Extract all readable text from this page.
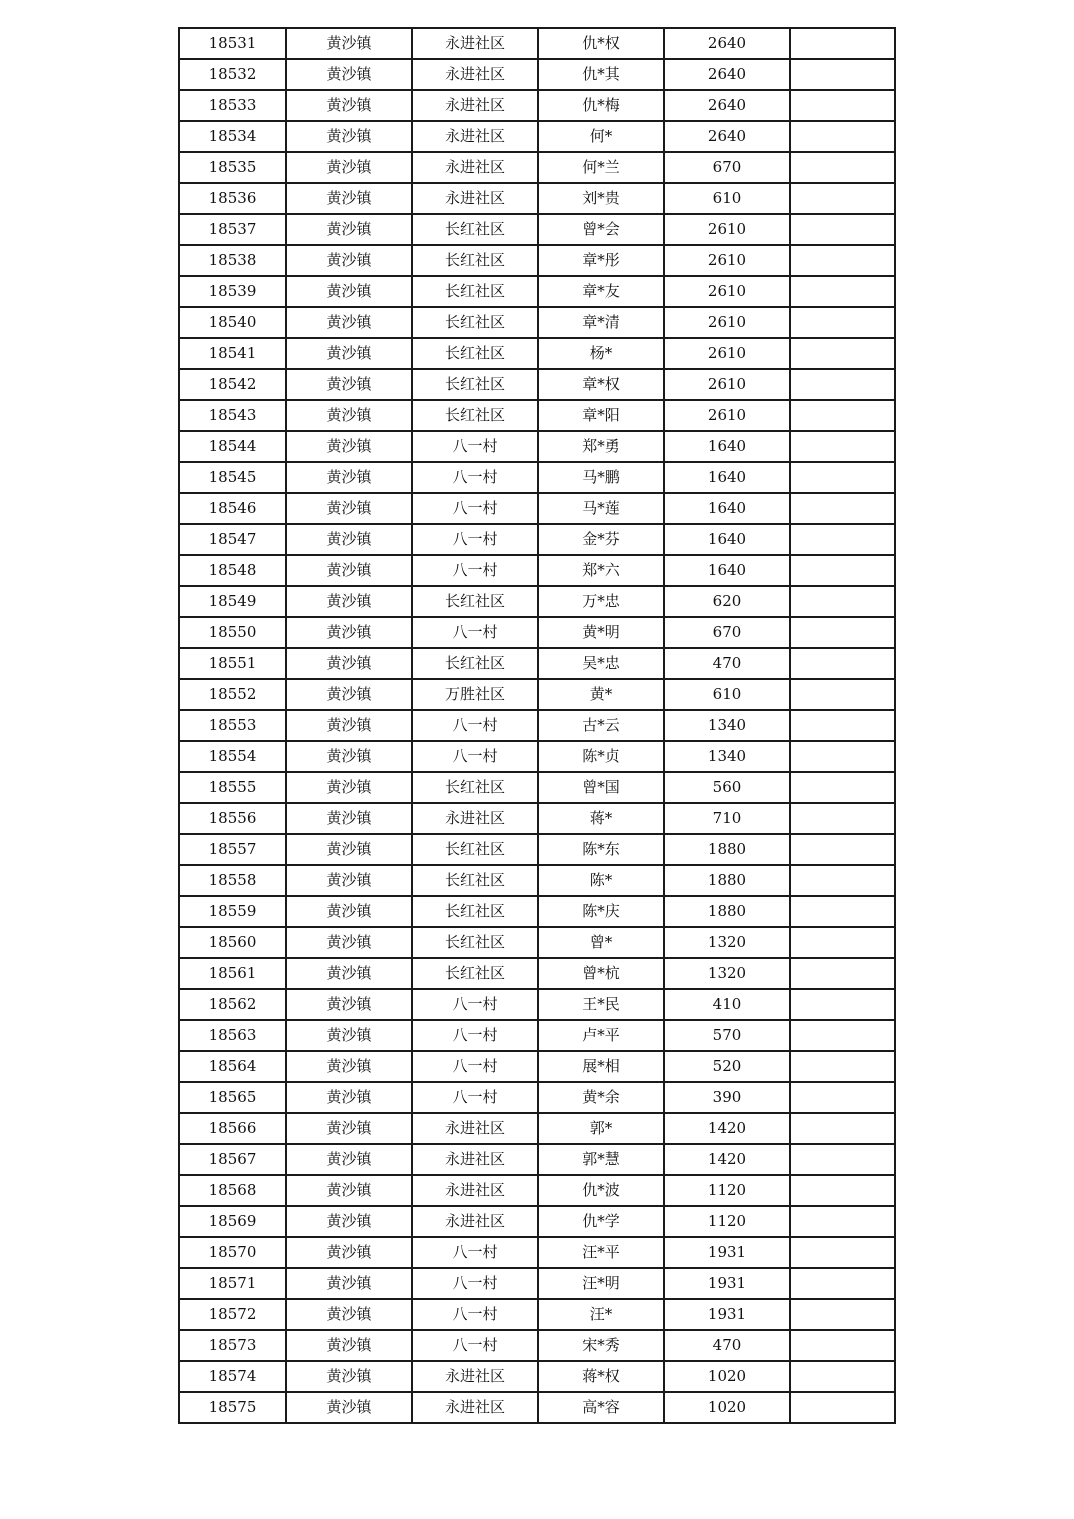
18531	黄沙镇	永进社区	仇*权	2640	
18532	黄沙镇	永进社区	仇*其	2640	
18533	黄沙镇	永进社区	仇*梅	2640	
18534	黄沙镇	永进社区	何*	2640	
18535	黄沙镇	永进社区	何*兰	670	
18536	黄沙镇	永进社区	刘*贵	610	
18537	黄沙镇	长红社区	曾*会	2610	
18538	黄沙镇	长红社区	章*彤	2610	
18539	黄沙镇	长红社区	章*友	2610	
18540	黄沙镇	长红社区	章*清	2610	
18541	黄沙镇	长红社区	杨*	2610	
18542	黄沙镇	长红社区	章*权	2610	
18543	黄沙镇	长红社区	章*阳	2610	
18544	黄沙镇	八一村	郑*勇	1640	
18545	黄沙镇	八一村	马*鹏	1640	
18546	黄沙镇	八一村	马*莲	1640	
18547	黄沙镇	八一村	金*芬	1640	
18548	黄沙镇	八一村	郑*六	1640	
18549	黄沙镇	长红社区	万*忠	620	
18550	黄沙镇	八一村	黄*明	670	
18551	黄沙镇	长红社区	吴*忠	470	
18552	黄沙镇	万胜社区	黄*	610	
18553	黄沙镇	八一村	古*云	1340	
18554	黄沙镇	八一村	陈*贞	1340	
18555	黄沙镇	长红社区	曾*国	560	
18556	黄沙镇	永进社区	蒋*	710	
18557	黄沙镇	长红社区	陈*东	1880	
18558	黄沙镇	长红社区	陈*	1880	
18559	黄沙镇	长红社区	陈*庆	1880	
18560	黄沙镇	长红社区	曾*	1320	
18561	黄沙镇	长红社区	曾*杭	1320	
18562	黄沙镇	八一村	王*民	410	
18563	黄沙镇	八一村	卢*平	570	
18564	黄沙镇	八一村	展*相	520	
18565	黄沙镇	八一村	黄*余	390	
18566	黄沙镇	永进社区	郭*	1420	
18567	黄沙镇	永进社区	郭*慧	1420	
18568	黄沙镇	永进社区	仇*波	1120	
18569	黄沙镇	永进社区	仇*学	1120	
18570	黄沙镇	八一村	汪*平	1931	
18571	黄沙镇	八一村	汪*明	1931	
18572	黄沙镇	八一村	汪*	1931	
18573	黄沙镇	八一村	宋*秀	470	
18574	黄沙镇	永进社区	蒋*权	1020	
18575	黄沙镇	永进社区	高*容	1020	
